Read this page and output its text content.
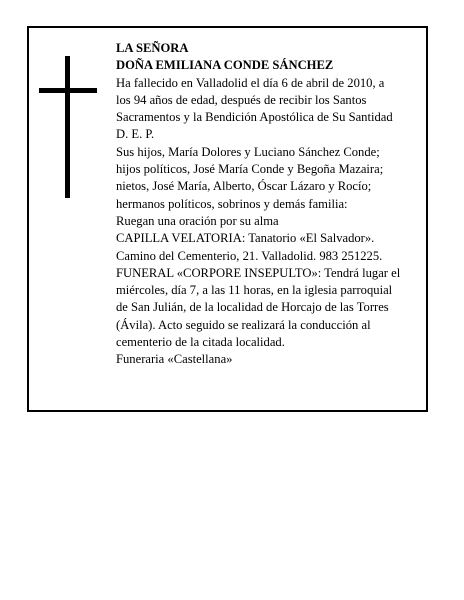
LA SEÑORA
DOÑA EMILIANA CONDE SÁNCHEZ
Ha fallecido en Valladolid el día 6 de abril de 2010, a
los 94 años de edad, después de recibir los Santos
Sacramentos y la Bendición Apostólica de Su Santidad
D. E. P.
Sus hijos, María Dolores y Luciano Sánchez Conde;
hijos políticos, José María Conde y Begoña Mazaira;
nietos, José María, Alberto, Óscar Lázaro y Rocío;
hermanos políticos, sobrinos y demás familia:
Ruegan una oración por su alma
CAPILLA VELATORIA: Tanatorio «El Salvador».
Camino del Cementerio, 21. Valladolid. 983 251225.
FUNERAL «CORPORE INSEPULTO»: Tendrá lugar el
miércoles, día 7, a las 11 horas, en la iglesia parroquial
de San Julián, de la localidad de Horcajo de las Torres
(Ávila). Acto seguido se realizará la conducción al
cementerio de la citada localidad.
Funeraria «Castellana»
